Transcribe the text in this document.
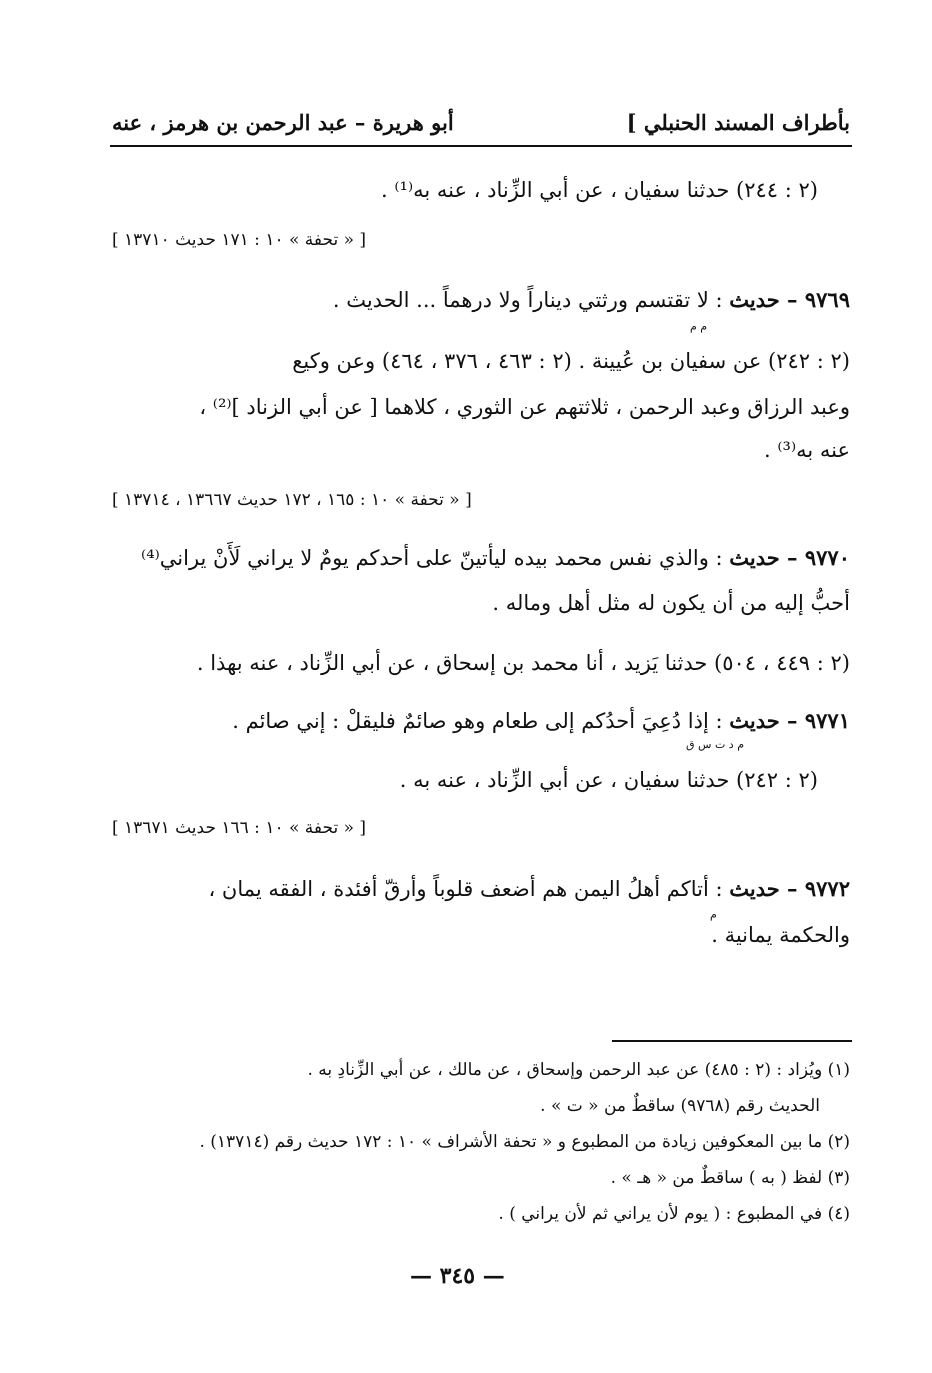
بأطراف المسند الحنبلي ]
أبو هريرة – عبد الرحمن بن هرمز ، عنه
(٢ : ٢٤٤) حدثنا سفيان ، عن أبي الزِّناد ، عنه به⁽¹⁾ .
[ « تحفة » ١٠ : ١٧١ حديث ١٣٧١٠ ]
٩٧٦٩ – حديث : لا تقتسم ورثتي ديناراً ولا درهماً ... الحديث .
م م
(٢ : ٢٤٢) عن سفيان بن عُيينة . (٢ : ٤٦٣ ، ٣٧٦ ، ٤٦٤) وعن وكيع
وعبد الرزاق وعبد الرحمن ، ثلاثتهم عن الثوري ، كلاهما [ عن أبي الزناد ]⁽²⁾ ،
عنه به⁽³⁾ .
[ « تحفة » ١٠ : ١٦٥ ، ١٧٢ حديث ١٣٦٦٧ ، ١٣٧١٤ ]
٩٧٧٠ – حديث : والذي نفس محمد بيده ليأتينّ على أحدكم يومٌ لا يراني لَأَنْ يراني⁽⁴⁾
أحبُّ إليه من أن يكون له مثل أهل وماله .
(٢ : ٤٤٩ ، ٥٠٤) حدثنا يَزيد ، أنا محمد بن إسحاق ، عن أبي الزِّناد ، عنه بهذا .
٩٧٧١ – حديث : إذا دُعِيَ أحدُكم إلى طعام وهو صائمٌ فليقلْ : إني صائم .
م د ت س ق
(٢ : ٢٤٢) حدثنا سفيان ، عن أبي الزِّناد ، عنه به .
[ « تحفة » ١٠ : ١٦٦ حديث ١٣٦٧١ ]
٩٧٧٢ – حديث : أتاكم أهلُ اليمن هم أضعف قلوباً وأرقّ أفئدة ، الفقه يمان ،
م
والحكمة يمانية .
(١) ويُزاد : (٢ : ٤٨٥) عن عبد الرحمن وإسحاق ، عن مالك ، عن أبي الزِّنادِ به .
الحديث رقم (٩٧٦٨) ساقطٌ من « ت » .
(٢) ما بين المعكوفين زيادة من المطبوع و « تحفة الأشراف » ١٠ : ١٧٢ حديث رقم (١٣٧١٤) .
(٣) لفظ ( به ) ساقطٌ من « هـ » .
(٤) في المطبوع : ( يوم لأن يراني ثم لأن يراني ) .
— ٣٤٥ —
